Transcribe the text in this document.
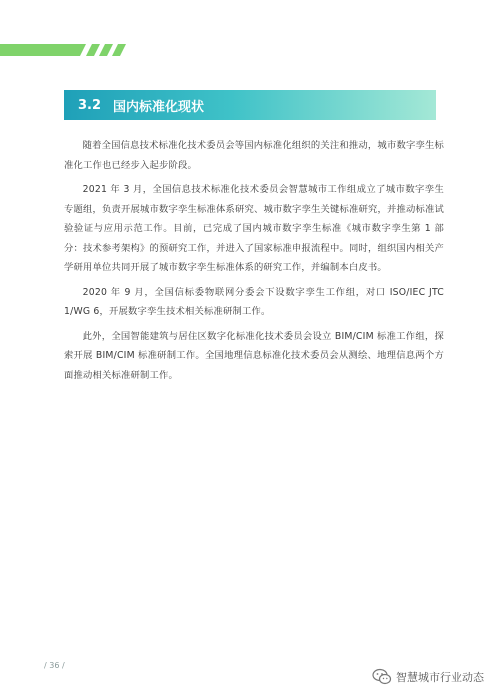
3.2 国内标准化现状

随着全国信息技术标准化技术委员会等国内标准化组织的关注和推动，城市数字孪生标准化工作也已经步入起步阶段。

2021 年 3 月，全国信息技术标准化技术委员会智慧城市工作组成立了城市数字孪生专题组，负责开展城市数字孪生标准体系研究、城市数字孪生关键标准研究，并推动标准试验验证与应用示范工作。目前，已完成了国内城市数字孪生标准《城市数字孪生第 1 部分：技术参考架构》的预研究工作，并进入了国家标准申报流程中。同时，组织国内相关产学研用单位共同开展了城市数字孪生标准体系的研究工作，并编制本白皮书。

2020 年 9 月，全国信标委物联网分委会下设数字孪生工作组，对口 ISO/IEC JTC 1/WG 6，开展数字孪生技术相关标准研制工作。

此外，全国智能建筑与居住区数字化标准化技术委员会设立 BIM/CIM 标准工作组，探索开展 BIM/CIM 标准研制工作。全国地理信息标准化技术委员会从测绘、地理信息两个方面推动相关标准研制工作。

/ 36 /
智慧城市行业动态
